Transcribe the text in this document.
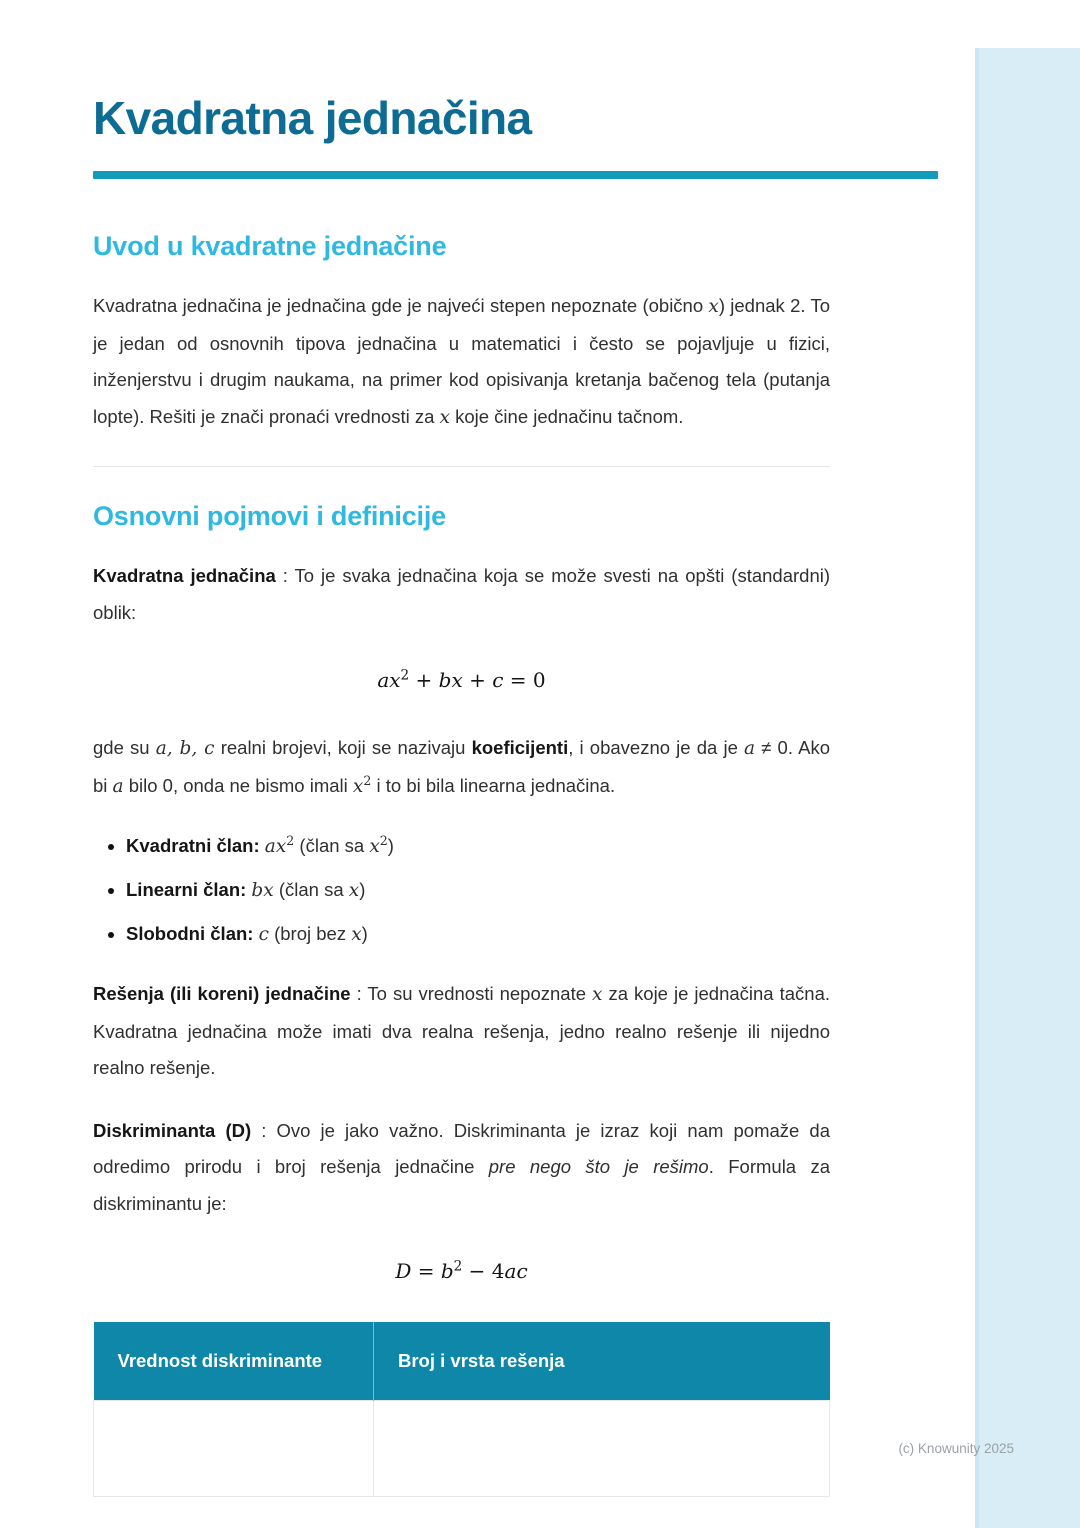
Kvadratna jednačina
Uvod u kvadratne jednačine

Kvadratna jednačina je jednačina gde je najveći stepen nepoznate (obično x) jednak 2. To je jedan od osnovnih tipova jednačina u matematici i često se pojavljuje u fizici, inženjerstvu i drugim naukama, na primer kod opisivanja kretanja bačenog tela (putanja lopte). Rešiti je znači pronaći vrednosti za x koje čine jednačinu tačnom.

Osnovni pojmovi i definicije

Kvadratna jednačina : To je svaka jednačina koja se može svesti na opšti (standardni) oblik:

$ax^2$ + bx + c = 0

gde su a, b, c realni brojevi, koji se nazivaju koeficijenti, i obavezno je da je a ≠ 0. Ako bi a bilo 0, onda ne bismo imali $x^2$ i to bi bila linearna jednačina.

• Kvadratni član: $ax^2$ (član sa $x^2$)
• Linearni član: bx (član sa x)
• Slobodni član: c (broj bez x)

Rešenja (ili koreni) jednačine : To su vrednosti nepoznate x za koje je jednačina tačna. Kvadratna jednačina može imati dva realna rešenja, jedno realno rešenje ili nijedno realno rešenje.

Diskriminanta (D) : Ovo je jako važno. Diskriminanta je izraz koji nam pomaže da odredimo prirodu i broj rešenja jednačine pre nego što je rešimo. Formula za diskriminantu je:

$D = b^2 - 4ac$
Vrednost diskriminante	Broj i vrsta rešenja

(c) Knowunity 2025
